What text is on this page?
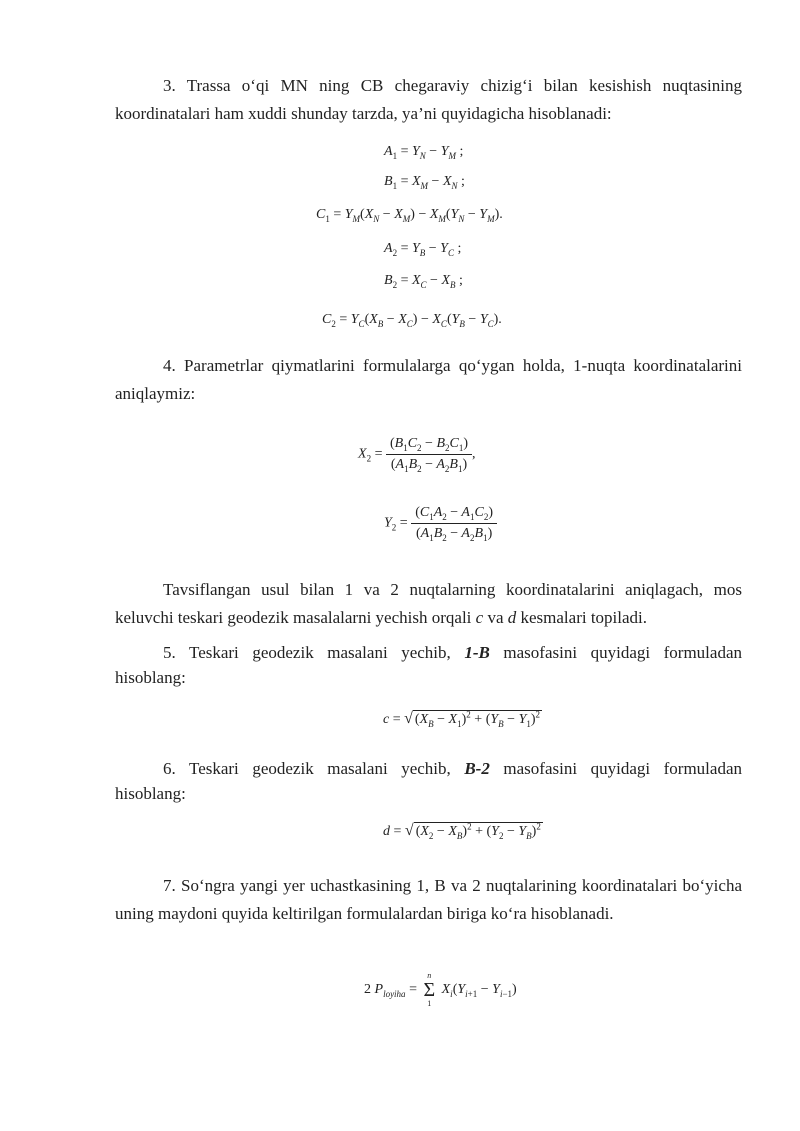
3. Trassa o‘qi MN ning CB chegaraviy chizig‘i bilan kesishish nuqtasining koordinatalari ham xuddi shunday tarzda, ya’ni quyidagicha hisoblanadi:

$A_1 = Y_N - Y_M$ ;
$B_1 = X_M - X_N$ ;
$C_1 = Y_M(X_N - X_M) - X_M(Y_N - Y_M)$.
$A_2 = Y_B - Y_C$ ;
$B_2 = X_C - X_B$ ;
$C_2 = Y_C(X_B - X_C) - X_C(Y_B - Y_C)$.

4. Parametrlar qiymatlarini formulalarga qo‘ygan holda, 1-nuqta koordinatalarini aniqlaymiz:

$X_2 = \frac{(B_1C_2 - B_2C_1)}{(A_1B_2 - A_2B_1)}$ ,
$Y_2 = \frac{(C_1A_2 - A_1C_2)}{(A_1B_2 - A_2B_1)}$

Tavsiflangan usul bilan 1 va 2 nuqtalarning koordinatalarini aniqlagach, mos keluvchi teskari geodezik masalalarni yechish orqali c va d kesmalari topiladi.

5. Teskari geodezik masalani yechib, 1-B masofasini quyidagi formuladan hisoblang:

c = √ $(X_B - X_1)^2 + (Y_B - Y_1)^2$

6. Teskari geodezik masalani yechib, B-2 masofasini quyidagi formuladan hisoblang:

d = √ $(X_2 - X_B)^2 + (Y_2 - Y_B)^2$

7. So‘ngra yangi yer uchastkasining 1, B va 2 nuqtalarining koordinatalari bo‘yicha uning maydoni quyida keltirilgan formulalardan biriga ko‘ra hisoblanadi.

2 $P_{loyiha}$ =
n
Σ
1
$X_i(Y_{i+1} - Y_{i-1})$
